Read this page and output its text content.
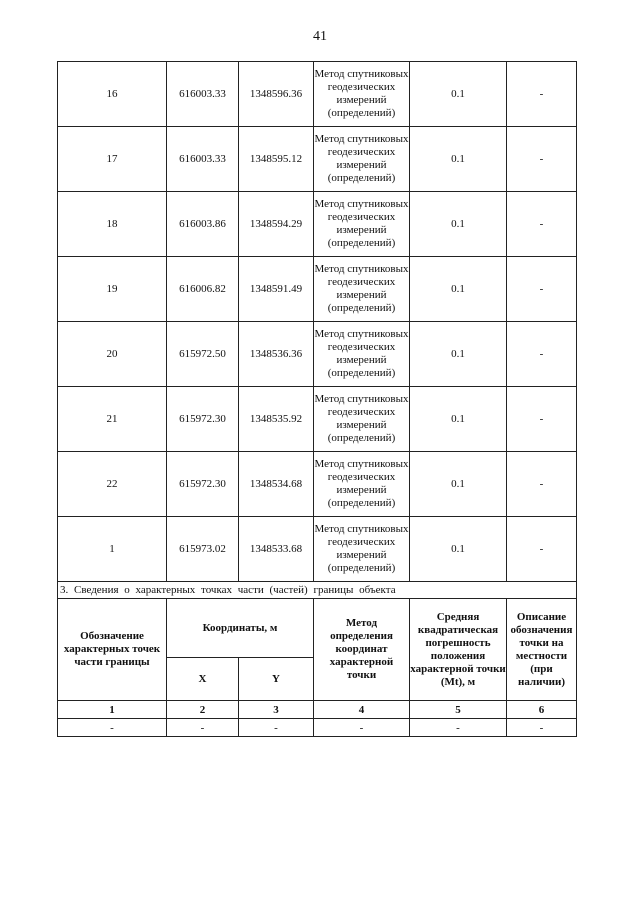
41
16	616003.33	1348596.36	Метод спутниковых геодезических измерений (определений)	0.1	-
17	616003.33	1348595.12	Метод спутниковых геодезических измерений (определений)	0.1	-
18	616003.86	1348594.29	Метод спутниковых геодезических измерений (определений)	0.1	-
19	616006.82	1348591.49	Метод спутниковых геодезических измерений (определений)	0.1	-
20	615972.50	1348536.36	Метод спутниковых геодезических измерений (определений)	0.1	-
21	615972.30	1348535.92	Метод спутниковых геодезических измерений (определений)	0.1	-
22	615972.30	1348534.68	Метод спутниковых геодезических измерений (определений)	0.1	-
1	615973.02	1348533.68	Метод спутниковых геодезических измерений (определений)	0.1	-
3. Сведения о характерных точках части (частей) границы объекта					
Обозначение характерных точек части границы	Координаты, м		Метод определения координат характерной точки	Средняя квадратическая погрешность положения характерной точки (Mt), м	Описание обозначения точки на местности (при наличии)
	X	Y			
1	2	3	4	5	6
-	-	-	-	-	-
